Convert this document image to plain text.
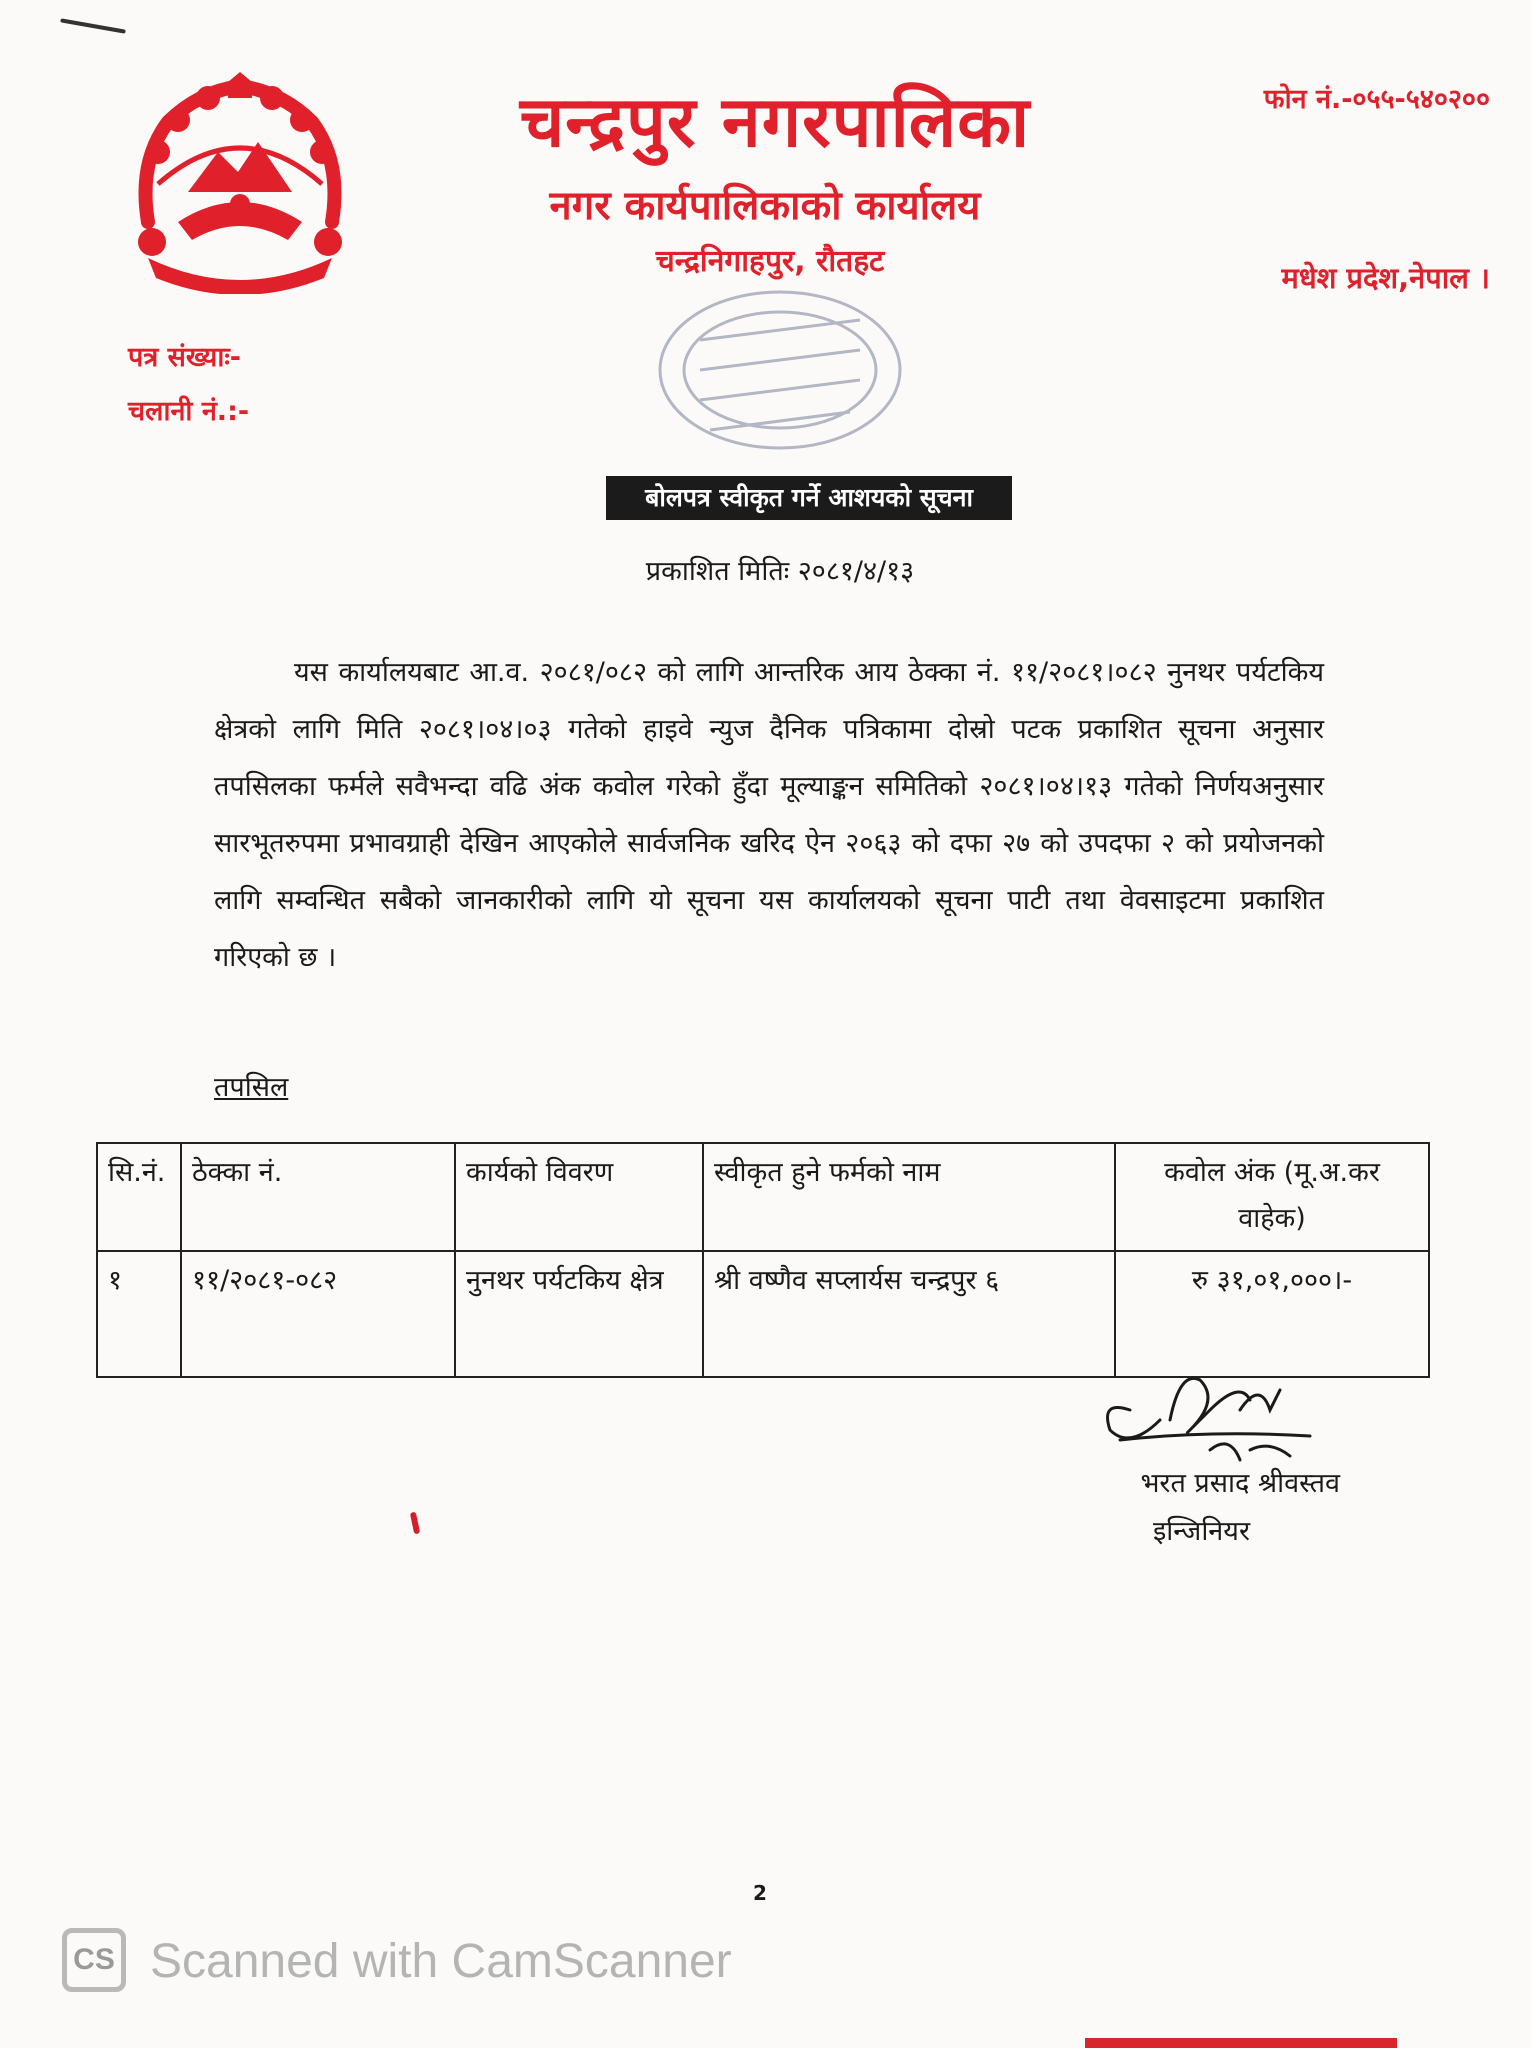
चन्द्रपुर नगरपालिका
नगर कार्यपालिकाको कार्यालय
चन्द्रनिगाहपुर, रौतहट
फोन नं.-०५५-५४०२००
मधेश प्रदेश,नेपाल ।
पत्र संख्याः-
चलानी नं.:-
बोलपत्र स्वीकृत गर्ने आशयको सूचना
प्रकाशित मितिः २०८१/४/१३
यस कार्यालयबाट आ.व. २०८१/०८२ को लागि आन्तरिक आय ठेक्का नं. ११/२०८१।०८२ नुनथर पर्यटकिय क्षेत्रको लागि मिति २०८१।०४।०३ गतेको हाइवे न्युज दैनिक पत्रिकामा दोस्रो पटक प्रकाशित सूचना अनुसार तपसिलका फर्मले सवैभन्दा वढि अंक कवोल गरेको हुँदा मूल्याङ्कन समितिको २०८१।०४।१३ गतेको निर्णयअनुसार सारभूतरुपमा प्रभावग्राही देखिन आएकोले सार्वजनिक खरिद ऐन २०६३ को दफा २७ को उपदफा २ को प्रयोजनको लागि सम्वन्धित सबैको जानकारीको लागि यो सूचना यस कार्यालयको सूचना पाटी तथा वेवसाइटमा प्रकाशित गरिएको छ ।
तपसिल
सि.नं.	ठेक्का नं.	कार्यको विवरण	स्वीकृत हुने फर्मको नाम	कवोल अंक (मू.अ.कर वाहेक)
१	११/२०८१-०८२	नुनथर पर्यटकिय क्षेत्र	श्री वष्णैव सप्लार्यस चन्द्रपुर ६	रु ३१,०१,०००।-
भरत प्रसाद श्रीवस्तव
इन्जिनियर
2
CS Scanned with CamScanner
